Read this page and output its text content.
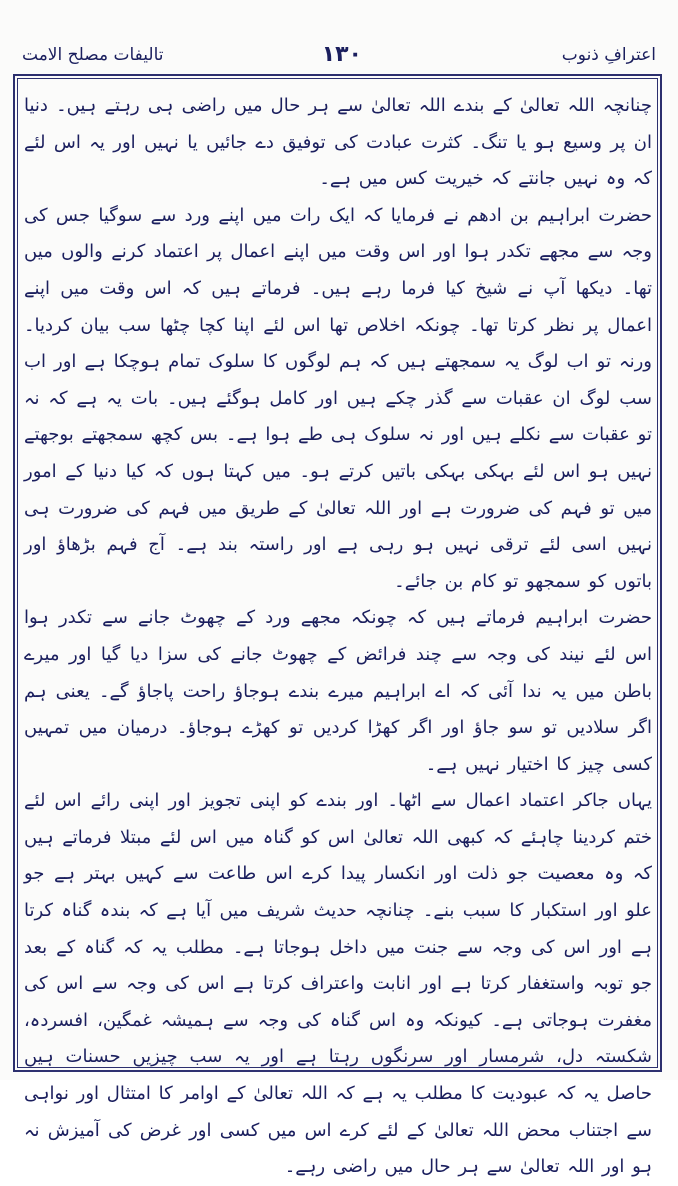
اعترافِ ذنوب
۱۳۰
تالیفات مصلح الامت

چنانچہ اللہ تعالیٰ کے بندے اللہ تعالیٰ سے ہر حال میں راضی ہی رہتے ہیں۔ دنیا ان پر وسیع ہو یا تنگ۔ کثرت عبادت کی توفیق دے جائیں یا نہیں اور یہ اس لئے کہ وہ نہیں جانتے کہ خیریت کس میں ہے۔

حضرت ابراہیم بن ادھم نے فرمایا کہ ایک رات میں اپنے ورد سے سوگیا جس کی وجہ سے مجھے تکدر ہوا اور اس وقت میں اپنے اعمال پر اعتماد کرنے والوں میں تھا۔ دیکھا آپ نے شیخ کیا فرما رہے ہیں۔ فرماتے ہیں کہ اس وقت میں اپنے اعمال پر نظر کرتا تھا۔ چونکہ اخلاص تھا اس لئے اپنا کچا چٹھا سب بیان کردیا۔ ورنہ تو اب لوگ یہ سمجھتے ہیں کہ ہم لوگوں کا سلوک تمام ہوچکا ہے اور اب سب لوگ ان عقبات سے گذر چکے ہیں اور کامل ہوگئے ہیں۔ بات یہ ہے کہ نہ تو عقبات سے نکلے ہیں اور نہ سلوک ہی طے ہوا ہے۔ بس کچھ سمجھتے بوجھتے نہیں ہو اس لئے بہکی بہکی باتیں کرتے ہو۔ میں کہتا ہوں کہ کیا دنیا کے امور میں تو فہم کی ضرورت ہے اور اللہ تعالیٰ کے طریق میں فہم کی ضرورت ہی نہیں اسی لئے ترقی نہیں ہو رہی ہے اور راستہ بند ہے۔ آج فہم بڑھاؤ اور باتوں کو سمجھو تو کام بن جائے۔

حضرت ابراہیم فرماتے ہیں کہ چونکہ مجھے ورد کے چھوٹ جانے سے تکدر ہوا اس لئے نیند کی وجہ سے چند فرائض کے چھوٹ جانے کی سزا دیا گیا اور میرے باطن میں یہ ندا آئی کہ اے ابراہیم میرے بندے ہوجاؤ راحت پاجاؤ گے۔ یعنی ہم اگر سلادیں تو سو جاؤ اور اگر کھڑا کردیں تو کھڑے ہوجاؤ۔ درمیان میں تمہیں کسی چیز کا اختیار نہیں ہے۔

یہاں جاکر اعتماد اعمال سے اٹھا۔ اور بندے کو اپنی تجویز اور اپنی رائے اس لئے ختم کردینا چاہئے کہ کبھی اللہ تعالیٰ اس کو گناہ میں اس لئے مبتلا فرماتے ہیں کہ وہ معصیت جو ذلت اور انکسار پیدا کرے اس طاعت سے کہیں بہتر ہے جو علو اور استکبار کا سبب بنے۔ چنانچہ حدیث شریف میں آیا ہے کہ بندہ گناہ کرتا ہے اور اس کی وجہ سے جنت میں داخل ہوجاتا ہے۔ مطلب یہ کہ گناہ کے بعد جو توبہ واستغفار کرتا ہے اور انابت واعتراف کرتا ہے اس کی وجہ سے اس کی مغفرت ہوجاتی ہے۔ کیونکہ وہ اس گناہ کی وجہ سے ہمیشہ غمگین، افسردہ، شکستہ دل، شرمسار اور سرنگوں رہتا ہے اور یہ سب چیزیں حسنات ہیں حاصل یہ کہ عبودیت کا مطلب یہ ہے کہ اللہ تعالیٰ کے اوامر کا امتثال اور نواہی سے اجتناب محض اللہ تعالیٰ کے لئے کرے اس میں کسی اور غرض کی آمیزش نہ ہو اور اللہ تعالیٰ سے ہر حال میں راضی رہے۔
